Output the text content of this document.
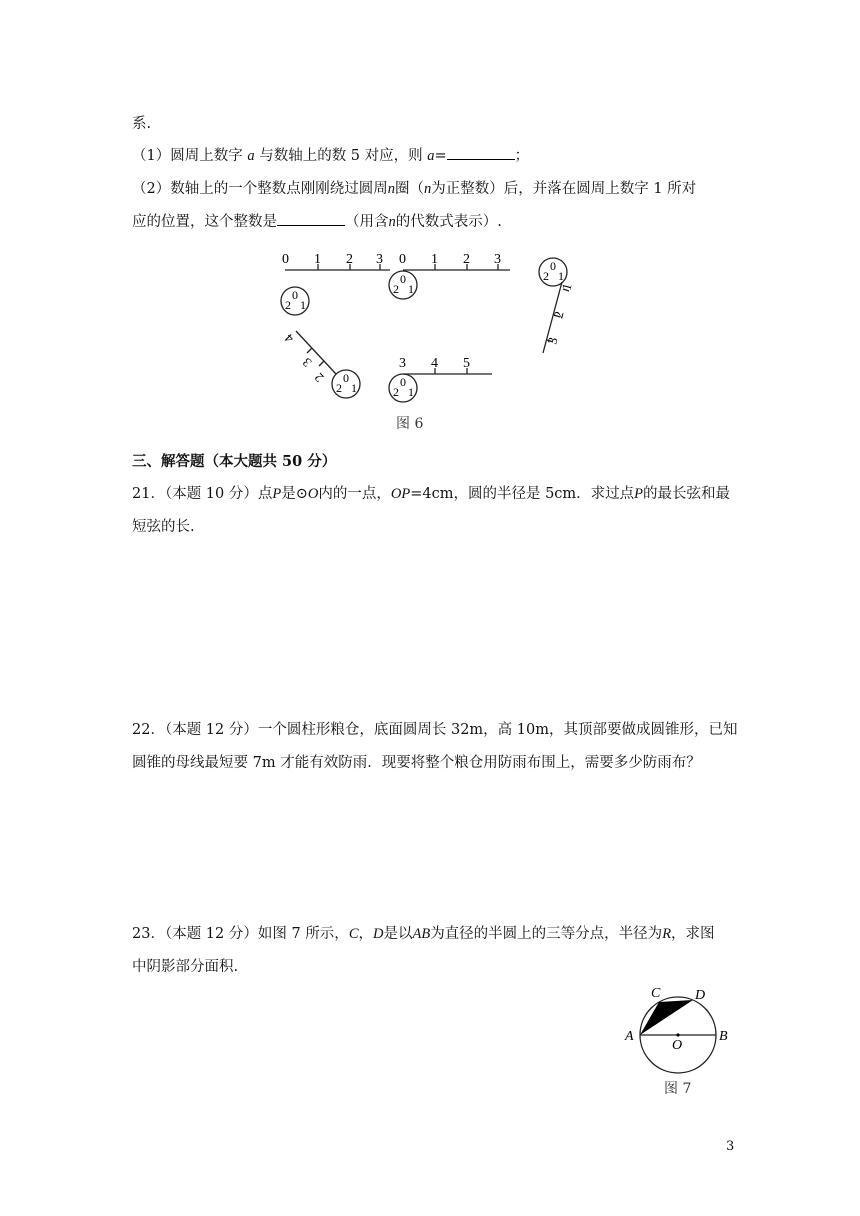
系.
（1）圆周上数字 a 与数轴上的数 5 对应，则 a=	；
（2）数轴上的一个整数点刚刚绕过圆周n圈（n为正整数）后，并落在圆周上数字 1 所对
应的位置，这个整数是	（用含n的代数式表示）.
0 1 2 3 0 1 2 3
2
0
1
2
0
1
2
0
1
2
0
1	2
0
1
3 4 5
1
2
3
4
3
2
图 6
三、解答题（本大题共 50 分）
21．（本题 10 分）点P是⊙O内的一点，OP=4cm，圆的半径是 5cm．求过点P的最长弦和最
短弦的长.
22．（本题 12 分）一个圆柱形粮仓，底面圆周长 32m，高 10m，其顶部要做成圆锥形，已知
圆锥的母线最短要 7m 才能有效防雨．现要将整个粮仓用防雨布围上，需要多少防雨布？
23．（本题 12 分）如图 7 所示，C，D是以AB为直径的半圆上的三等分点，半径为R，求图
中阴影部分面积.
A	B
C D
O
图 7
3
